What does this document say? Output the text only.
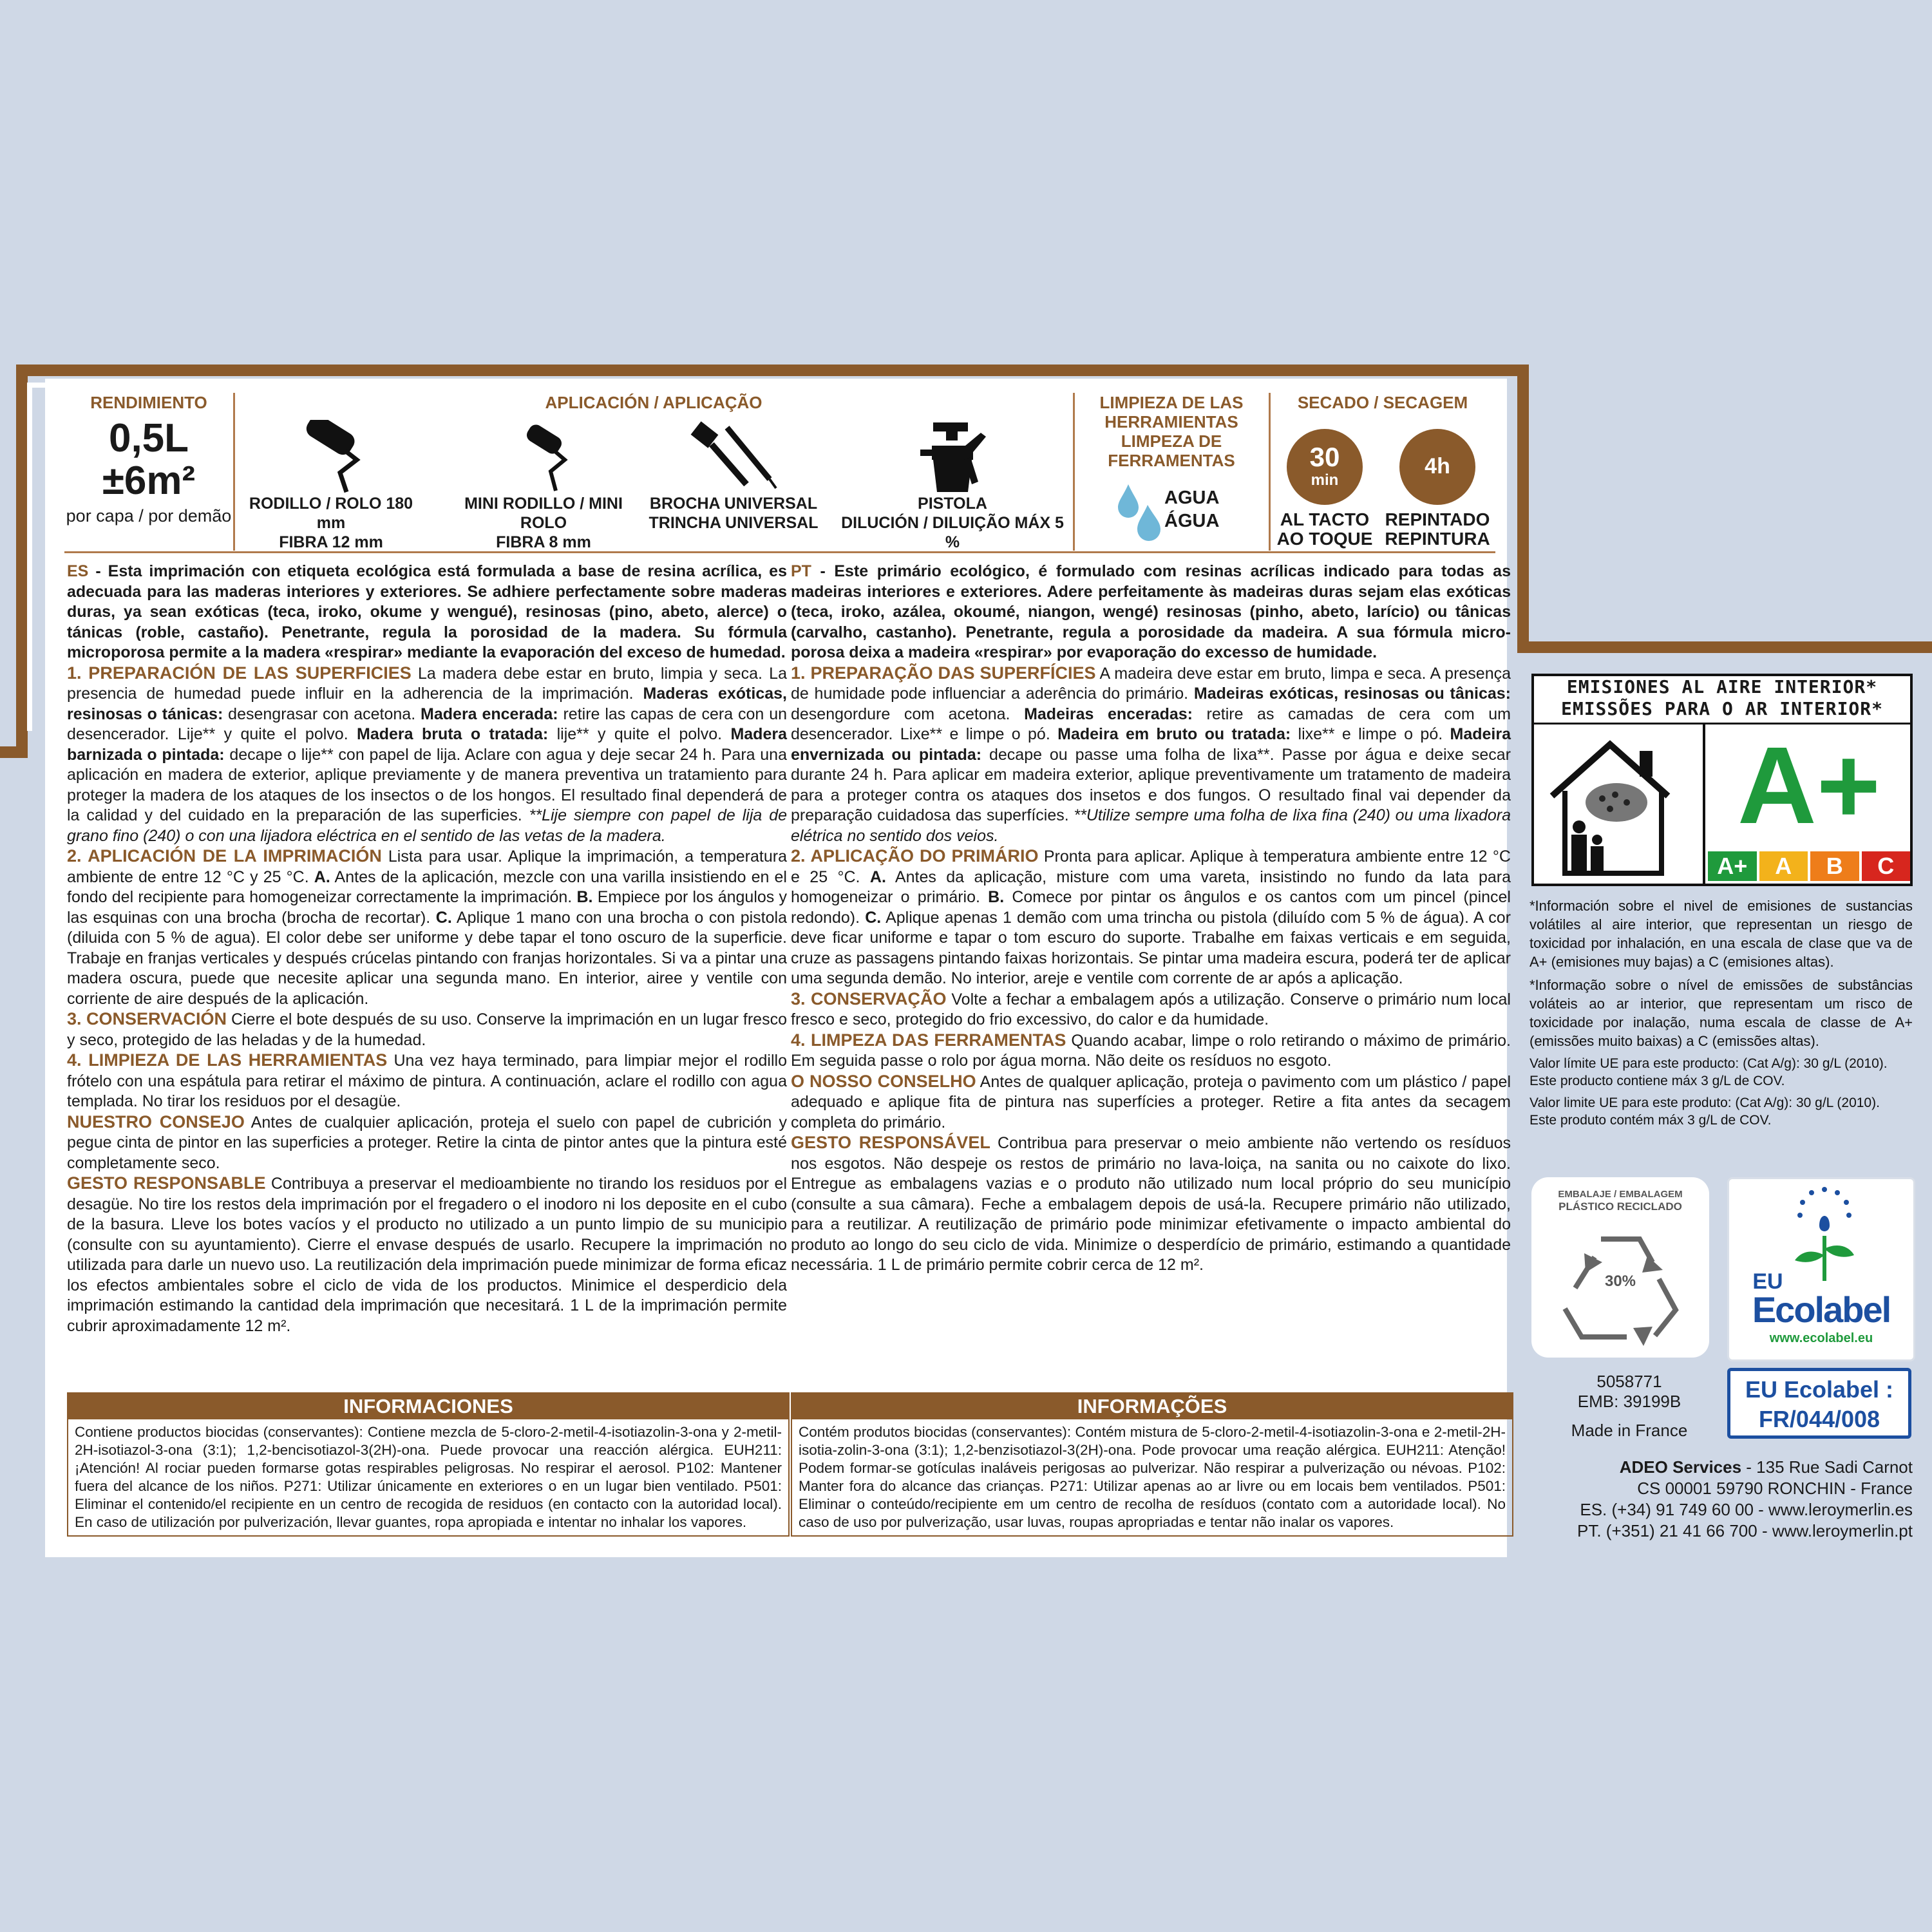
RENDIMIENTO
0,5L
±6m²
por capa / por demão
APLICACIÓN / APLICAÇÃO
RODILLO / ROLO 180 mm
FIBRA 12 mm
MINI RODILLO / MINI ROLO
FIBRA 8 mm
BROCHA UNIVERSAL
TRINCHA UNIVERSAL
PISTOLA
DILUCIÓN / DILUIÇÃO MÁX 5 %
LIMPIEZA DE LAS
HERRAMIENTAS
LIMPEZA DE
FERRAMENTAS
AGUA
ÁGUA
SECADO / SECAGEM
30
min
AL TACTO
AO TOQUE
4h
REPINTADO
REPINTURA

ES - Esta imprimación con etiqueta ecológica está formulada a base de resina acrílica, es adecuada para las maderas interiores y exteriores. Se adhiere perfectamente sobre maderas duras, ya sean exóticas (teca, iroko, okume y wengué), resinosas (pino, abeto, alerce) o tánicas (roble, castaño). Penetrante, regula la porosidad de la madera. Su fórmula microporosa permite a la madera «respirar» mediante la evaporación del exceso de humedad.

1. PREPARACIÓN DE LAS SUPERFICIES La madera debe estar en bruto, limpia y seca. La presencia de humedad puede influir en la adherencia de la imprimación. Maderas exóticas, resinosas o tánicas: desengrasar con acetona. Madera encerada: retire las capas de cera con un desencerador. Lije** y quite el polvo. Madera bruta o tratada: lije** y quite el polvo. Madera barnizada o pintada: decape o lije** con papel de lija. Aclare con agua y deje secar 24 h. Para una aplicación en madera de exterior, aplique previamente y de manera preventiva un tratamiento para proteger la madera de los ataques de los insectos o de los hongos. El resultado final dependerá de la calidad y del cuidado en la preparación de las superficies. **Lije siempre con papel de lija de grano fino (240) o con una lijadora eléctrica en el sentido de las vetas de la madera.

2. APLICACIÓN DE LA IMPRIMACIÓN Lista para usar. Aplique la imprimación, a temperatura ambiente de entre 12 °C y 25 °C. A. Antes de la aplicación, mezcle con una varilla insistiendo en el fondo del recipiente para homogeneizar correctamente la imprimación. B. Empiece por los ángulos y las esquinas con una brocha (brocha de recortar). C. Aplique 1 mano con una brocha o con pistola (diluida con 5 % de agua). El color debe ser uniforme y debe tapar el tono oscuro de la superficie. Trabaje en franjas verticales y después crúcelas pintando con franjas horizontales. Si va a pintar una madera oscura, puede que necesite aplicar una segunda mano. En interior, airee y ventile con corriente de aire después de la aplicación.

3. CONSERVACIÓN Cierre el bote después de su uso. Conserve la imprimación en un lugar fresco y seco, protegido de las heladas y de la humedad.

4. LIMPIEZA DE LAS HERRAMIENTAS Una vez haya terminado, para limpiar mejor el rodillo frótelo con una espátula para retirar el máximo de pintura. A continuación, aclare el rodillo con agua templada. No tirar los residuos por el desagüe.

NUESTRO CONSEJO Antes de cualquier aplicación, proteja el suelo con papel de cubrición y pegue cinta de pintor en las superficies a proteger. Retire la cinta de pintor antes que la pintura esté completamente seco.

GESTO RESPONSABLE Contribuya a preservar el medioambiente no tirando los residuos por el desagüe. No tire los restos dela imprimación por el fregadero o el inodoro ni los deposite en el cubo de la basura. Lleve los botes vacíos y el producto no utilizado a un punto limpio de su municipio (consulte con su ayuntamiento). Cierre el envase después de usarlo. Recupere la imprimación no utilizada para darle un nuevo uso. La reutilización dela imprimación puede minimizar de forma eficaz los efectos ambientales sobre el ciclo de vida de los productos. Minimice el desperdicio dela imprimación estimando la cantidad dela imprimación que necesitará. 1 L de la imprimación permite cubrir aproximadamente 12 m².

PT - Este primário ecológico, é formulado com resinas acrílicas indicado para todas as madeiras interiores e exteriores. Adere perfeitamente às madeiras duras sejam elas exóticas (teca, iroko, azálea, okoumé, niangon, wengé) resinosas (pinho, abeto, larício) ou tânicas (carvalho, castanho). Penetrante, regula a porosidade da madeira. A sua fórmula micro-porosa deixa a madeira «respirar» por evaporação do excesso de humidade.

1. PREPARAÇÃO DAS SUPERFÍCIES A madeira deve estar em bruto, limpa e seca. A presença de humidade pode influenciar a aderência do primário. Madeiras exóticas, resinosas ou tânicas: desengordure com acetona. Madeiras enceradas: retire as camadas de cera com um desencerador. Lixe** e limpe o pó. Madeira em bruto ou tratada: lixe** e limpe o pó. Madeira envernizada ou pintada: decape ou passe uma folha de lixa**. Passe por água e deixe secar durante 24 h. Para aplicar em madeira exterior, aplique preventivamente um tratamento de madeira para a proteger contra os ataques dos insetos e dos fungos. O resultado final vai depender da preparação cuidadosa das superfícies. **Utilize sempre uma folha de lixa fina (240) ou uma lixadora elétrica no sentido dos veios.

2. APLICAÇÃO DO PRIMÁRIO Pronta para aplicar. Aplique à temperatura ambiente entre 12 °C e 25 °C. A. Antes da aplicação, misture com uma vareta, insistindo no fundo da lata para homogeneizar o primário. B. Comece por pintar os ângulos e os cantos com um pincel (pincel redondo). C. Aplique apenas 1 demão com uma trincha ou pistola (diluído com 5 % de água). A cor deve ficar uniforme e tapar o tom escuro do suporte. Trabalhe em faixas verticais e em seguida, cruze as passagens pintando faixas horizontais. Se pintar uma madeira escura, poderá ter de aplicar uma segunda demão. No interior, areje e ventile com corrente de ar após a aplicação.

3. CONSERVAÇÃO Volte a fechar a embalagem após a utilização. Conserve o primário num local fresco e seco, protegido do frio excessivo, do calor e da humidade.

4. LIMPEZA DAS FERRAMENTAS Quando acabar, limpe o rolo retirando o máximo de primário. Em seguida passe o rolo por água morna. Não deite os resíduos no esgoto.

O NOSSO CONSELHO Antes de qualquer aplicação, proteja o pavimento com um plástico / papel adequado e aplique fita de pintura nas superfícies a proteger. Retire a fita antes da secagem completa do primário.

GESTO RESPONSÁVEL Contribua para preservar o meio ambiente não vertendo os resíduos nos esgotos. Não despeje os restos de primário no lava-loiça, na sanita ou no caixote do lixo. Entregue as embalagens vazias e o produto não utilizado num local próprio do seu município (consulte a sua câmara). Feche a embalagem depois de usá-la. Recupere primário não utilizado, para a reutilizar. A reutilização de primário pode minimizar efetivamente o impacto ambiental do produto ao longo do seu ciclo de vida. Minimize o desperdício de primário, estimando a quantidade necessária. 1 L de primário permite cobrir cerca de 12 m².

INFORMACIONES
Contiene productos biocidas (conservantes): Contiene mezcla de 5-cloro-2-metil-4-isotiazolin-3-ona y 2-metil-2H-isotiazol-3-ona (3:1); 1,2-bencisotiazol-3(2H)-ona. Puede provocar una reacción alérgica. EUH211: ¡Atención! Al rociar pueden formarse gotas respirables peligrosas. No respirar el aerosol. P102: Mantener fuera del alcance de los niños. P271: Utilizar únicamente en exteriores o en un lugar bien ventilado. P501: Eliminar el contenido/el recipiente en un centro de recogida de residuos (en contacto con la autoridad local). En caso de utilización por pulverización, llevar guantes, ropa apropiada e intentar no inhalar los vapores.
INFORMAÇÕES
Contém produtos biocidas (conservantes): Contém mistura de 5-cloro-2-metil-4-isotiazolin-3-ona e 2-metil-2H-isotia-zolin-3-ona (3:1); 1,2-benzisotiazol-3(2H)-ona. Pode provocar uma reação alérgica. EUH211: Atenção! Podem formar-se gotículas inaláveis perigosas ao pulverizar. Não respirar a pulverização ou névoas. P102: Manter fora do alcance das crianças. P271: Utilizar apenas ao ar livre ou em locais bem ventilados. P501: Eliminar o conteúdo/recipiente em um centro de recolha de resíduos (contato com a autoridade local). No caso de uso por pulverização, usar luvas, roupas apropriadas e tentar não inalar os vapores.
EMISIONES AL AIRE INTERIOR*
EMISSÕES PARA O AR INTERIOR*
A+
A+	A	B	C

*Información sobre el nivel de emisiones de sustancias volátiles al aire interior, que representan un riesgo de toxicidad por inhalación, en una escala de clase que va de A+ (emisiones muy bajas) a C (emisiones altas).

*Informação sobre o nível de emissões de substâncias voláteis ao ar interior, que representam um risco de toxicidade por inalação, numa escala de classe de A+ (emissões muito baixas) a C (emissões altas).

Valor límite UE para este producto: (Cat A/g): 30 g/L (2010).
Este producto contiene máx 3 g/L de COV.

Valor limite UE para este produto: (Cat A/g): 30 g/L (2010).
Este produto contém máx 3 g/L de COV.

EMBALAJE / EMBALAGEM
PLÁSTICO RECICLADO
30%	EU
Ecolabel
www.ecolabel.eu
EU Ecolabel :
FR/044/008
5058771
EMB: 39199B
Made in France
ADEO Services - 135 Rue Sadi Carnot
CS 00001 59790 RONCHIN - France
ES. (+34) 91 749 60 00 - www.leroymerlin.es
PT. (+351) 21 41 66 700 - www.leroymerlin.pt
